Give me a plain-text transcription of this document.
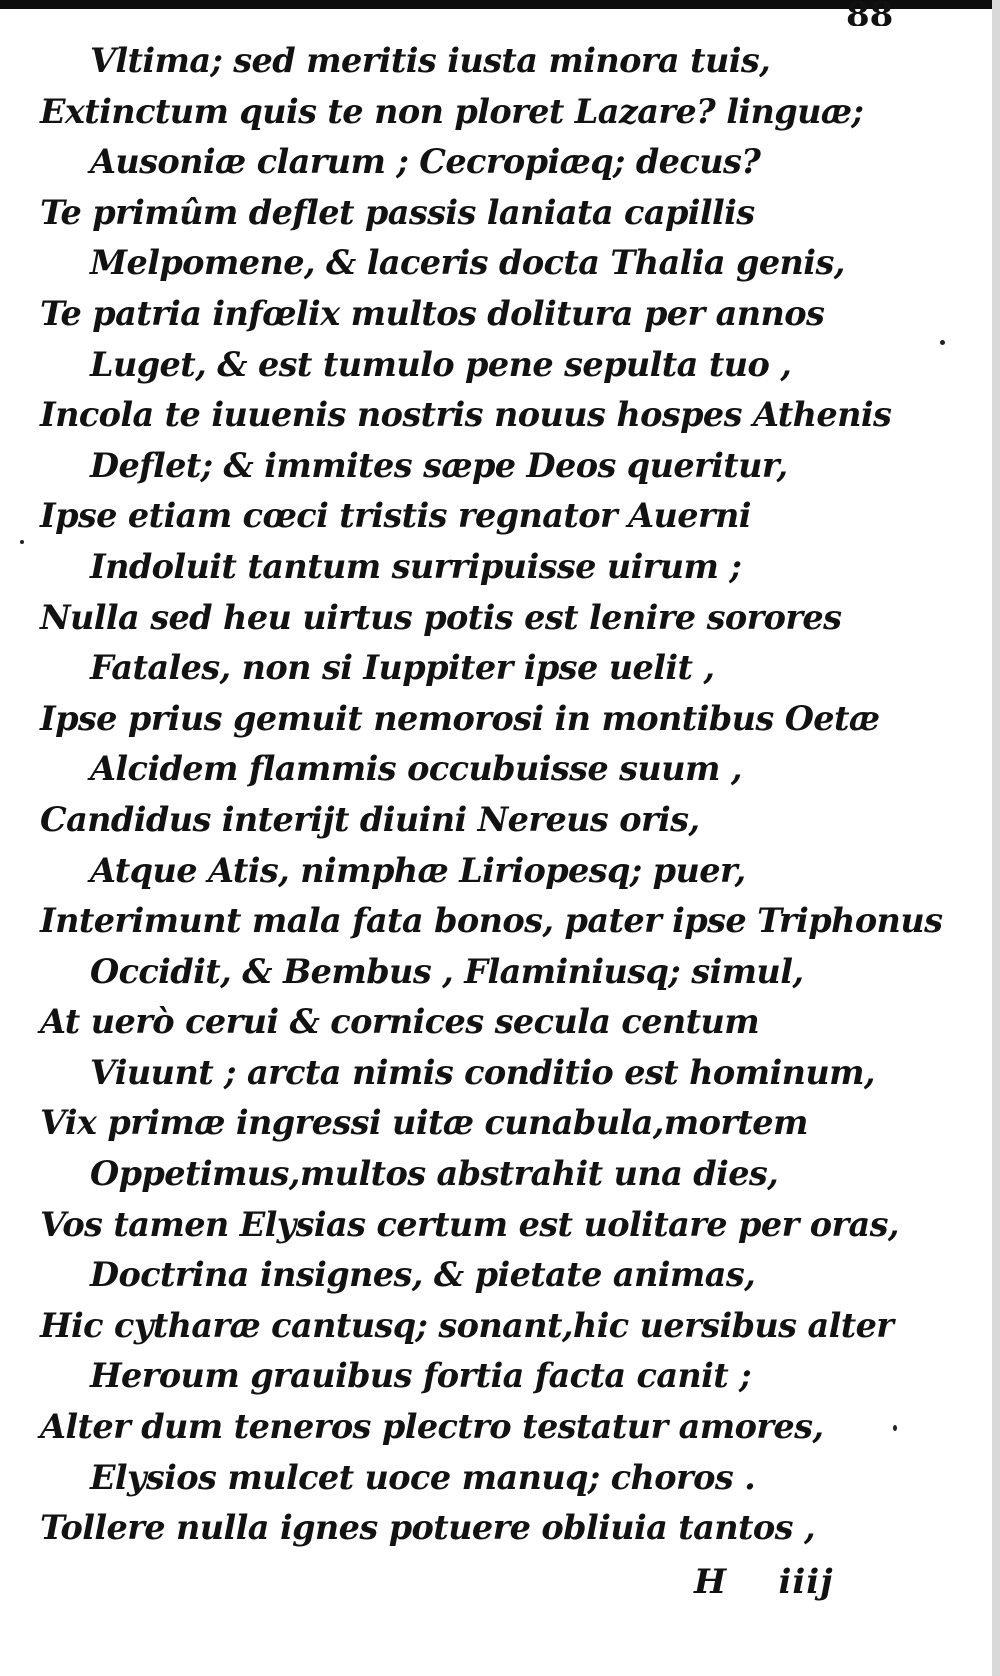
88
Vltima; sed meritis iusta minora tuis,
Extinctum quis te non ploret Lazare? linguæ;
Ausoniæ clarum ; Cecropiæq; decus?
Te primûm deflet passis laniata capillis
Melpomene, & laceris docta Thalia genis,
Te patria infœlix multos dolitura per annos
Luget, & est tumulo pene sepulta tuo ,
Incola te iuuenis nostris nouus hospes Athenis
Deflet; & immites sæpe Deos queritur,
Ipse etiam cœci tristis regnator Auerni
Indoluit tantum surripuisse uirum ;
Nulla sed heu uirtus potis est lenire sorores
Fatales, non si Iuppiter ipse uelit ,
Ipse prius gemuit nemorosi in montibus Oetæ
Alcidem flammis occubuisse suum ,
Candidus interijt diuini Nereus oris,
Atque Atis, nimphæ Liriopesq; puer,
Interimunt mala fata bonos, pater ipse Triphonus
Occidit, & Bembus , Flaminiusq; simul,
At uerò cerui & cornices secula centum
Viuunt ; arcta nimis conditio est hominum,
Vix primæ ingressi uitæ cunabula,mortem
Oppetimus,multos abstrahit una dies,
Vos tamen Elysias certum est uolitare per oras,
Doctrina insignes, & pietate animas,
Hic cytharæ cantusq; sonant,hic uersibus alter
Heroum grauibus fortia facta canit ;
Alter dum teneros plectro testatur amores,
Elysios mulcet uoce manuq; choros .
Tollere nulla ignes potuere obliuia tantos ,
H    iiij
